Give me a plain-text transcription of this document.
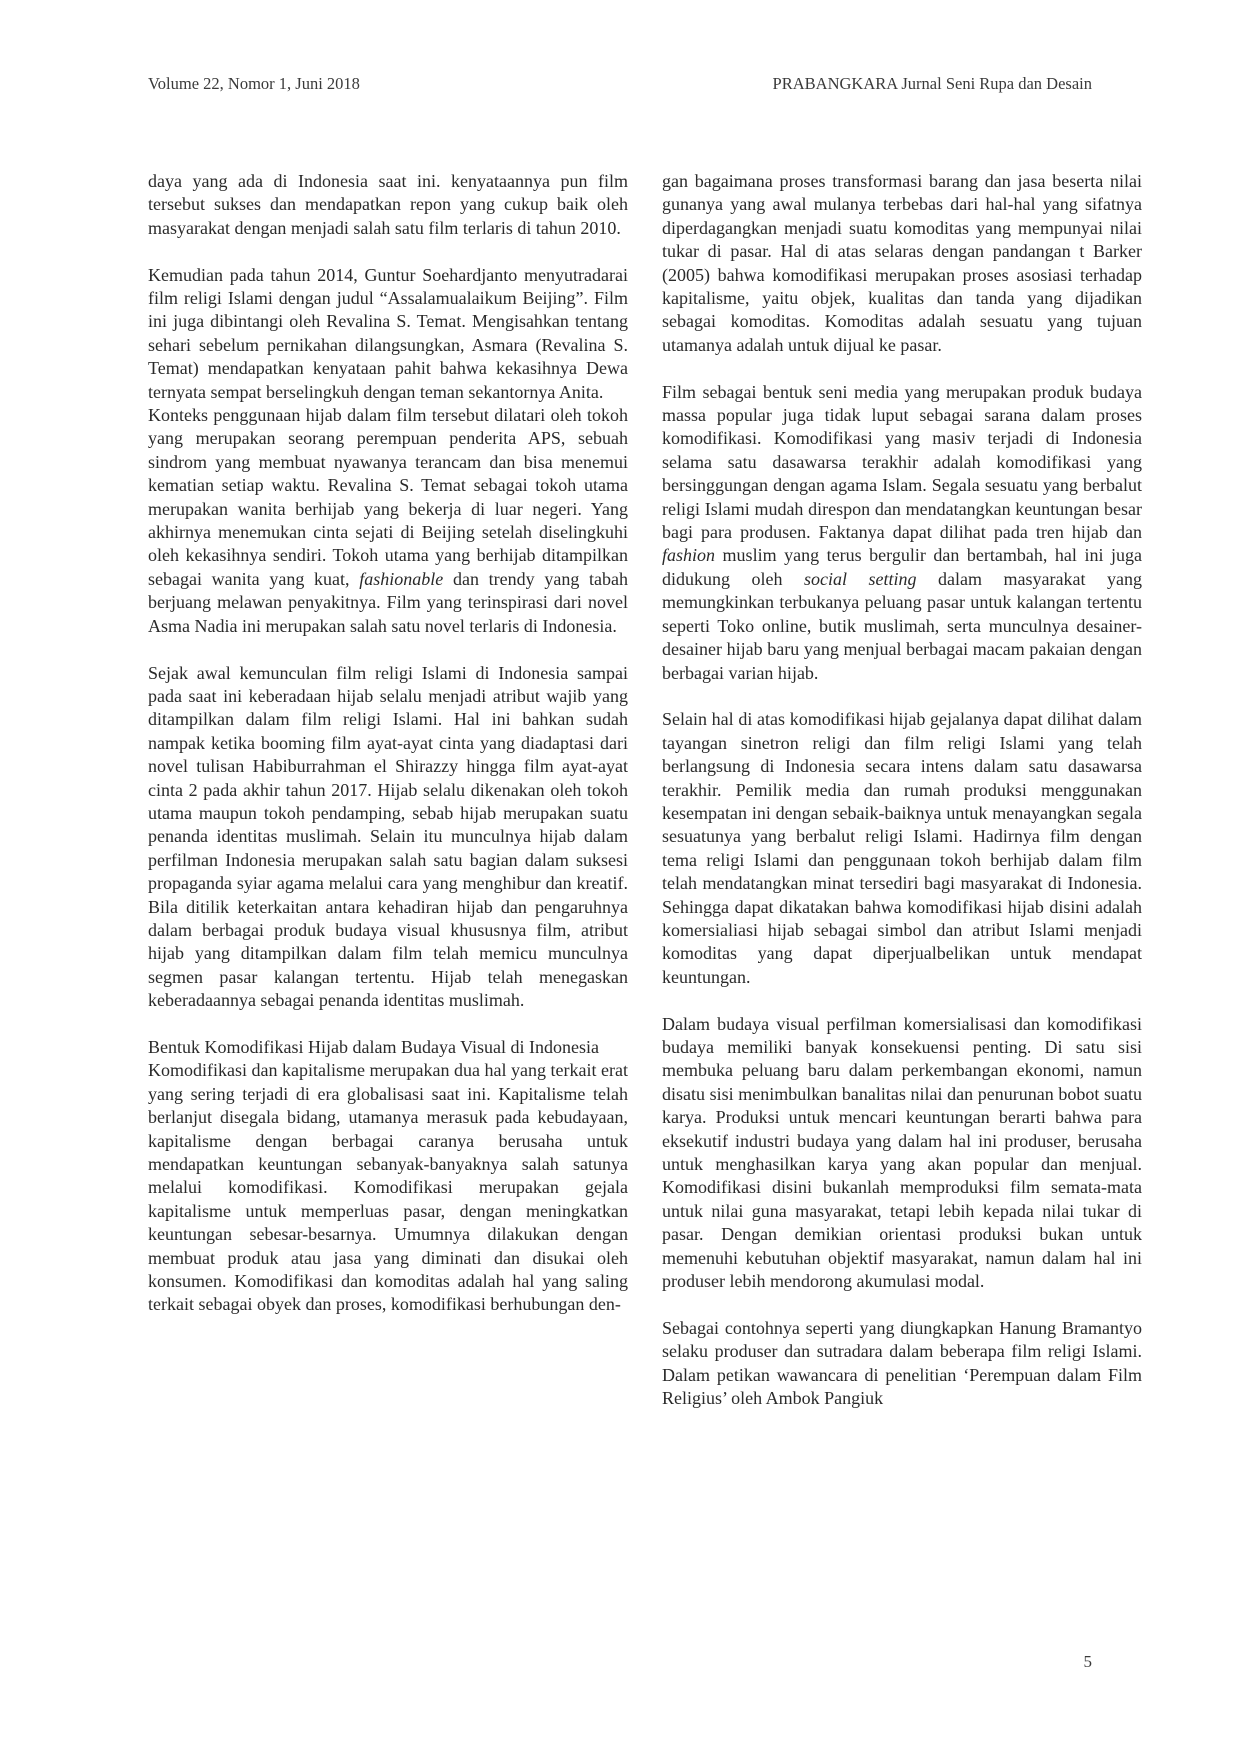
Volume 22, Nomor 1, Juni 2018	PRABANGKARA Jurnal Seni Rupa dan Desain

daya yang ada di Indonesia saat ini. kenyataannya pun film tersebut sukses dan mendapatkan repon yang cukup baik oleh masyarakat dengan menjadi salah satu film terlaris di tahun 2010.

Kemudian pada tahun 2014, Guntur Soehardjanto menyutradarai film religi Islami dengan judul “Assalamualaikum Beijing”. Film ini juga dibintangi oleh Revalina S. Temat. Mengisahkan tentang sehari sebelum pernikahan dilangsungkan, Asmara (Revalina S. Temat) mendapatkan kenyataan pahit bahwa kekasihnya Dewa ternyata sempat berselingkuh dengan teman sekantornya Anita.

Konteks penggunaan hijab dalam film tersebut dilatari oleh tokoh yang merupakan seorang perempuan penderita APS, sebuah sindrom yang membuat nyawanya terancam dan bisa menemui kematian setiap waktu. Revalina S. Temat sebagai tokoh utama merupakan wanita berhijab yang bekerja di luar negeri. Yang akhirnya menemukan cinta sejati di Beijing setelah diselingkuhi oleh kekasihnya sendiri. Tokoh utama yang berhijab ditampilkan sebagai wanita yang kuat, fashionable dan trendy yang tabah berjuang melawan penyakitnya. Film yang terinspirasi dari novel Asma Nadia ini merupakan salah satu novel terlaris di Indonesia.

Sejak awal kemunculan film religi Islami di Indonesia sampai pada saat ini keberadaan hijab selalu menjadi atribut wajib yang ditampilkan dalam film religi Islami. Hal ini bahkan sudah nampak ketika booming film ayat-ayat cinta yang diadaptasi dari novel tulisan Habiburrahman el Shirazzy hingga film ayat-ayat cinta 2 pada akhir tahun 2017. Hijab selalu dikenakan oleh tokoh utama maupun tokoh pendamping, sebab hijab merupakan suatu penanda identitas muslimah. Selain itu munculnya hijab dalam perfilman Indonesia merupakan salah satu bagian dalam suksesi propaganda syiar agama melalui cara yang menghibur dan kreatif. Bila ditilik keterkaitan antara kehadiran hijab dan pengaruhnya dalam berbagai produk budaya visual khususnya film, atribut hijab yang ditampilkan dalam film telah memicu munculnya segmen pasar kalangan tertentu. Hijab telah menegaskan keberadaannya sebagai penanda identitas muslimah.

Bentuk Komodifikasi Hijab dalam Budaya Visual di Indonesia

Komodifikasi dan kapitalisme merupakan dua hal yang terkait erat yang sering terjadi di era globalisasi saat ini. Kapitalisme telah berlanjut disegala bidang, utamanya merasuk pada kebudayaan, kapitalisme dengan berbagai caranya berusaha untuk mendapatkan keuntungan sebanyak-banyaknya salah satunya melalui komodifikasi. Komodifikasi merupakan gejala kapitalisme untuk memperluas pasar, dengan meningkatkan keuntungan sebesar-besarnya. Umumnya dilakukan dengan membuat produk atau jasa yang diminati dan disukai oleh konsumen. Komodifikasi dan komoditas adalah hal yang saling terkait sebagai obyek dan proses, komodifikasi berhubungan den-

gan bagaimana proses transformasi barang dan jasa beserta nilai gunanya yang awal mulanya terbebas dari hal-hal yang sifatnya diperdagangkan menjadi suatu komoditas yang mempunyai nilai tukar di pasar. Hal di atas selaras dengan pandangan t Barker (2005) bahwa komodifikasi merupakan proses asosiasi terhadap kapitalisme, yaitu objek, kualitas dan tanda yang dijadikan sebagai komoditas. Komoditas adalah sesuatu yang tujuan utamanya adalah untuk dijual ke pasar.

Film sebagai bentuk seni media yang merupakan produk budaya massa popular juga tidak luput sebagai sarana dalam proses komodifikasi. Komodifikasi yang masiv terjadi di Indonesia selama satu dasawarsa terakhir adalah komodifikasi yang bersinggungan dengan agama Islam. Segala sesuatu yang berbalut religi Islami mudah direspon dan mendatangkan keuntungan besar bagi para produsen. Faktanya dapat dilihat pada tren hijab dan fashion muslim yang terus bergulir dan bertambah, hal ini juga didukung oleh social setting dalam masyarakat yang memungkinkan terbukanya peluang pasar untuk kalangan tertentu seperti Toko online, butik muslimah, serta munculnya desainer-desainer hijab baru yang menjual berbagai macam pakaian dengan berbagai varian hijab.

Selain hal di atas komodifikasi hijab gejalanya dapat dilihat dalam tayangan sinetron religi dan film religi Islami yang telah berlangsung di Indonesia secara intens dalam satu dasawarsa terakhir. Pemilik media dan rumah produksi menggunakan kesempatan ini dengan sebaik-baiknya untuk menayangkan segala sesuatunya yang berbalut religi Islami. Hadirnya film dengan tema religi Islami dan penggunaan tokoh berhijab dalam film telah mendatangkan minat tersediri bagi masyarakat di Indonesia. Sehingga dapat dikatakan bahwa komodifikasi hijab disini adalah komersialiasi hijab sebagai simbol dan atribut Islami menjadi komoditas yang dapat diperjualbelikan untuk mendapat keuntungan.

Dalam budaya visual perfilman komersialisasi dan komodifikasi budaya memiliki banyak konsekuensi penting. Di satu sisi membuka peluang baru dalam perkembangan ekonomi, namun disatu sisi menimbulkan banalitas nilai dan penurunan bobot suatu karya. Produksi untuk mencari keuntungan berarti bahwa para eksekutif industri budaya yang dalam hal ini produser, berusaha untuk menghasilkan karya yang akan popular dan menjual. Komodifikasi disini bukanlah memproduksi film semata-mata untuk nilai guna masyarakat, tetapi lebih kepada nilai tukar di pasar. Dengan demikian orientasi produksi bukan untuk memenuhi kebutuhan objektif masyarakat, namun dalam hal ini produser lebih mendorong akumulasi modal.

Sebagai contohnya seperti yang diungkapkan Hanung Bramantyo selaku produser dan sutradara dalam beberapa film religi Islami. Dalam petikan wawancara di penelitian ‘Perempuan dalam Film Religius’ oleh Ambok Pangiuk

5
